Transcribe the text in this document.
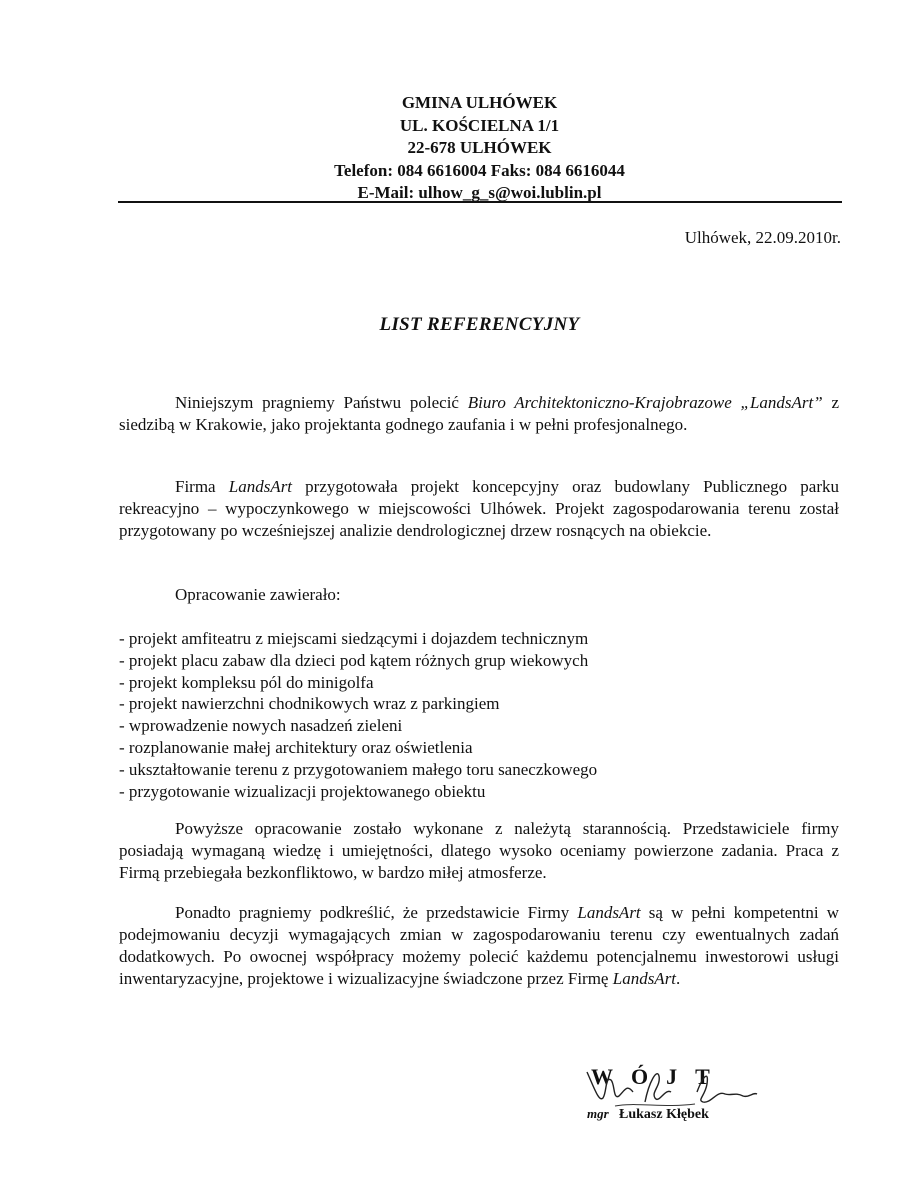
GMINA ULHÓWEK
UL. KOŚCIELNA 1/1
22-678 ULHÓWEK
Telefon: 084 6616004 Faks: 084 6616044
E-Mail: ulhow_g_s@woi.lublin.pl
Ulhówek, 22.09.2010r.
LIST REFERENCYJNY
Niniejszym pragniemy Państwu polecić Biuro Architektoniczno-Krajobrazowe „LandsArt” z siedzibą w Krakowie, jako projektanta godnego zaufania i w pełni profesjonalnego.
Firma LandsArt przygotowała projekt koncepcyjny oraz budowlany Publicznego parku rekreacyjno – wypoczynkowego w miejscowości Ulhówek. Projekt zagospodarowania terenu został przygotowany po wcześniejszej analizie dendrologicznej drzew rosnących na obiekcie.
Opracowanie zawierało:
- projekt amfiteatru z miejscami siedzącymi i dojazdem technicznym
- projekt placu zabaw dla dzieci pod kątem różnych grup wiekowych
- projekt kompleksu pól do minigolfa
- projekt nawierzchni chodnikowych wraz z parkingiem
- wprowadzenie nowych nasadzeń zieleni
- rozplanowanie małej architektury oraz oświetlenia
- ukształtowanie terenu z przygotowaniem małego toru saneczkowego
- przygotowanie wizualizacji projektowanego obiektu
Powyższe opracowanie zostało wykonane z należytą starannością. Przedstawiciele firmy posiadają wymaganą wiedzę i umiejętności, dlatego wysoko oceniamy powierzone zadania. Praca z Firmą przebiegała bezkonfliktowo, w bardzo miłej atmosferze.
Ponadto pragniemy podkreślić, że przedstawicie Firmy LandsArt są w pełni kompetentni w podejmowaniu decyzji wymagających zmian w zagospodarowaniu terenu czy ewentualnych zadań dodatkowych. Po owocnej współpracy możemy polecić każdemu potencjalnemu inwestorowi usługi inwentaryzacyjne, projektowe i wizualizacyjne świadczone przez Firmę LandsArt.
WÓJT
mgr Łukasz Kłębek
